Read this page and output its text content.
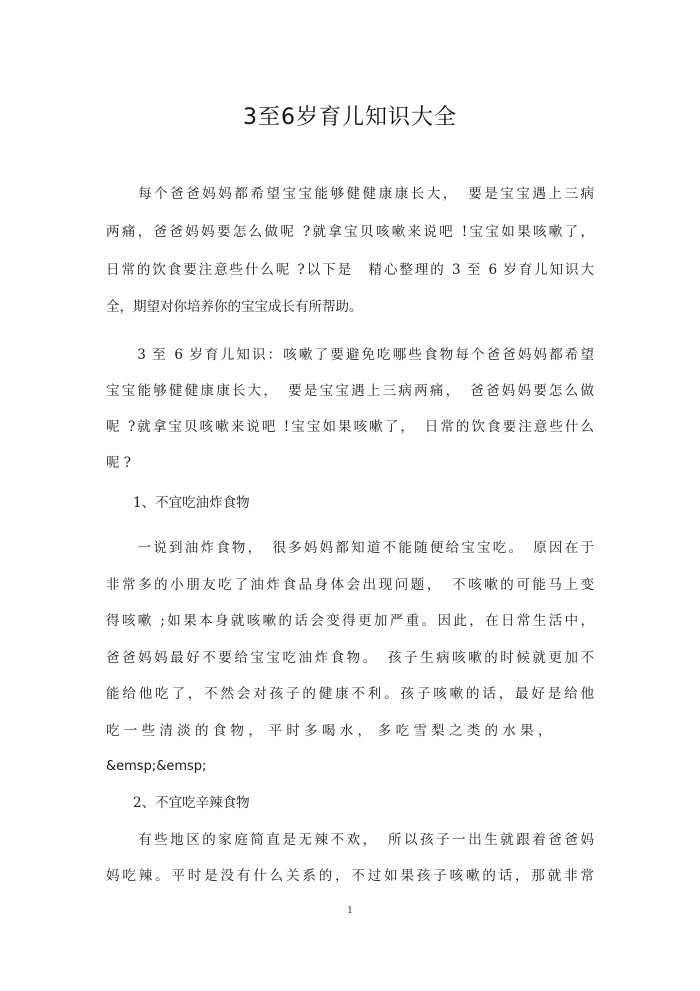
3至6岁育儿知识大全
　　每个爸爸妈妈都希望宝宝能够健健康康长大，　要是宝宝遇上三病
两痛，爸爸妈妈要怎么做呢 ?就拿宝贝咳嗽来说吧 !宝宝如果咳嗽了，
日常的饮食要注意些什么呢 ?以下是　精心整理的 3 至 6 岁育儿知识大
全，期望对你培养你的宝宝成长有所帮助。
　　3 至 6 岁育儿知识：咳嗽了要避免吃哪些食物每个爸爸妈妈都希望
宝宝能够健健康康长大，　要是宝宝遇上三病两痛，　爸爸妈妈要怎么做
呢 ?就拿宝贝咳嗽来说吧 !宝宝如果咳嗽了，　日常的饮食要注意些什么
呢 ?
　　1、不宜吃油炸食物
　　一说到油炸食物，　很多妈妈都知道不能随便给宝宝吃。　原因在于
非常多的小朋友吃了油炸食品身体会出现问题，　不咳嗽的可能马上变
得咳嗽 ;如果本身就咳嗽的话会变得更加严重。因此，在日常生活中，
爸爸妈妈最好不要给宝宝吃油炸食物。　孩子生病咳嗽的时候就更加不
能给他吃了，不然会对孩子的健康不利。孩子咳嗽的话，最好是给他
吃 一 些 清 淡 的 食 物 ，　平 时 多 喝 水 ，　多 吃 雪 梨 之 类 的 水 果 ，
&emsp;&emsp;
　　2、不宜吃辛辣食物
　　有些地区的家庭简直是无辣不欢，　所以孩子一出生就跟着爸爸妈
妈吃辣。平时是没有什么关系的，不过如果孩子咳嗽的话，那就非常
1
